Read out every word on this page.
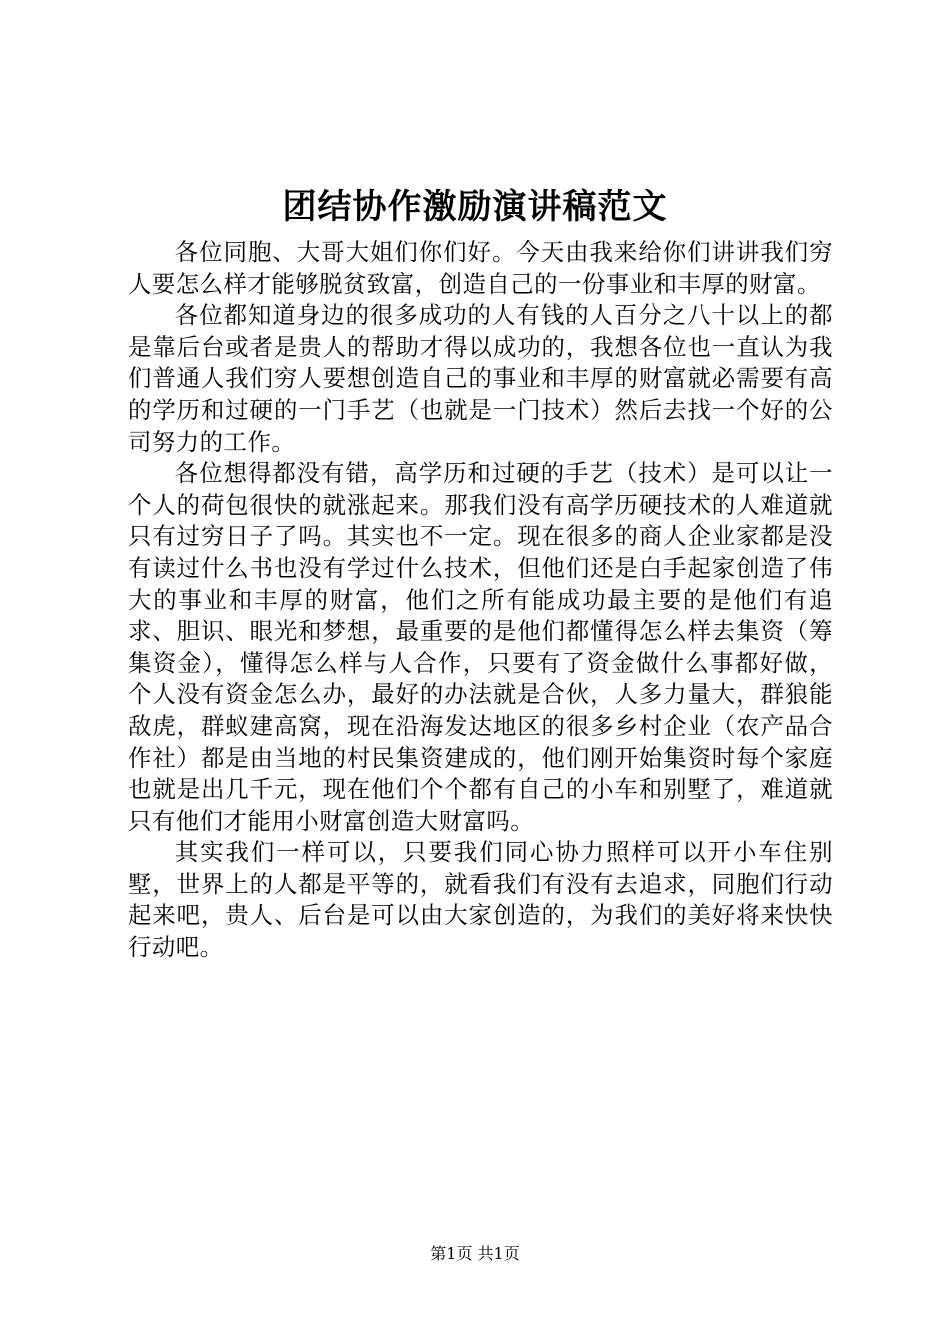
团结协作激励演讲稿范文

各位同胞、大哥大姐们你们好。今天由我来给你们讲讲我们穷人要怎么样才能够脱贫致富，创造自己的一份事业和丰厚的财富。

各位都知道身边的很多成功的人有钱的人百分之八十以上的都是靠后台或者是贵人的帮助才得以成功的，我想各位也一直认为我们普通人我们穷人要想创造自己的事业和丰厚的财富就必需要有高的学历和过硬的一门手艺（也就是一门技术）然后去找一个好的公司努力的工作。

各位想得都没有错，高学历和过硬的手艺（技术）是可以让一个人的荷包很快的就涨起来。那我们没有高学历硬技术的人难道就只有过穷日子了吗。其实也不一定。现在很多的商人企业家都是没有读过什么书也没有学过什么技术，但他们还是白手起家创造了伟大的事业和丰厚的财富，他们之所有能成功最主要的是他们有追求、胆识、眼光和梦想，最重要的是他们都懂得怎么样去集资（筹集资金），懂得怎么样与人合作，只要有了资金做什么事都好做，个人没有资金怎么办，最好的办法就是合伙，人多力量大，群狼能敌虎，群蚁建高窝，现在沿海发达地区的很多乡村企业（农产品合作社）都是由当地的村民集资建成的，他们刚开始集资时每个家庭也就是出几千元，现在他们个个都有自己的小车和别墅了，难道就只有他们才能用小财富创造大财富吗。

其实我们一样可以，只要我们同心协力照样可以开小车住别墅，世界上的人都是平等的，就看我们有没有去追求，同胞们行动起来吧，贵人、后台是可以由大家创造的，为我们的美好将来快快行动吧。

第1页 共1页
